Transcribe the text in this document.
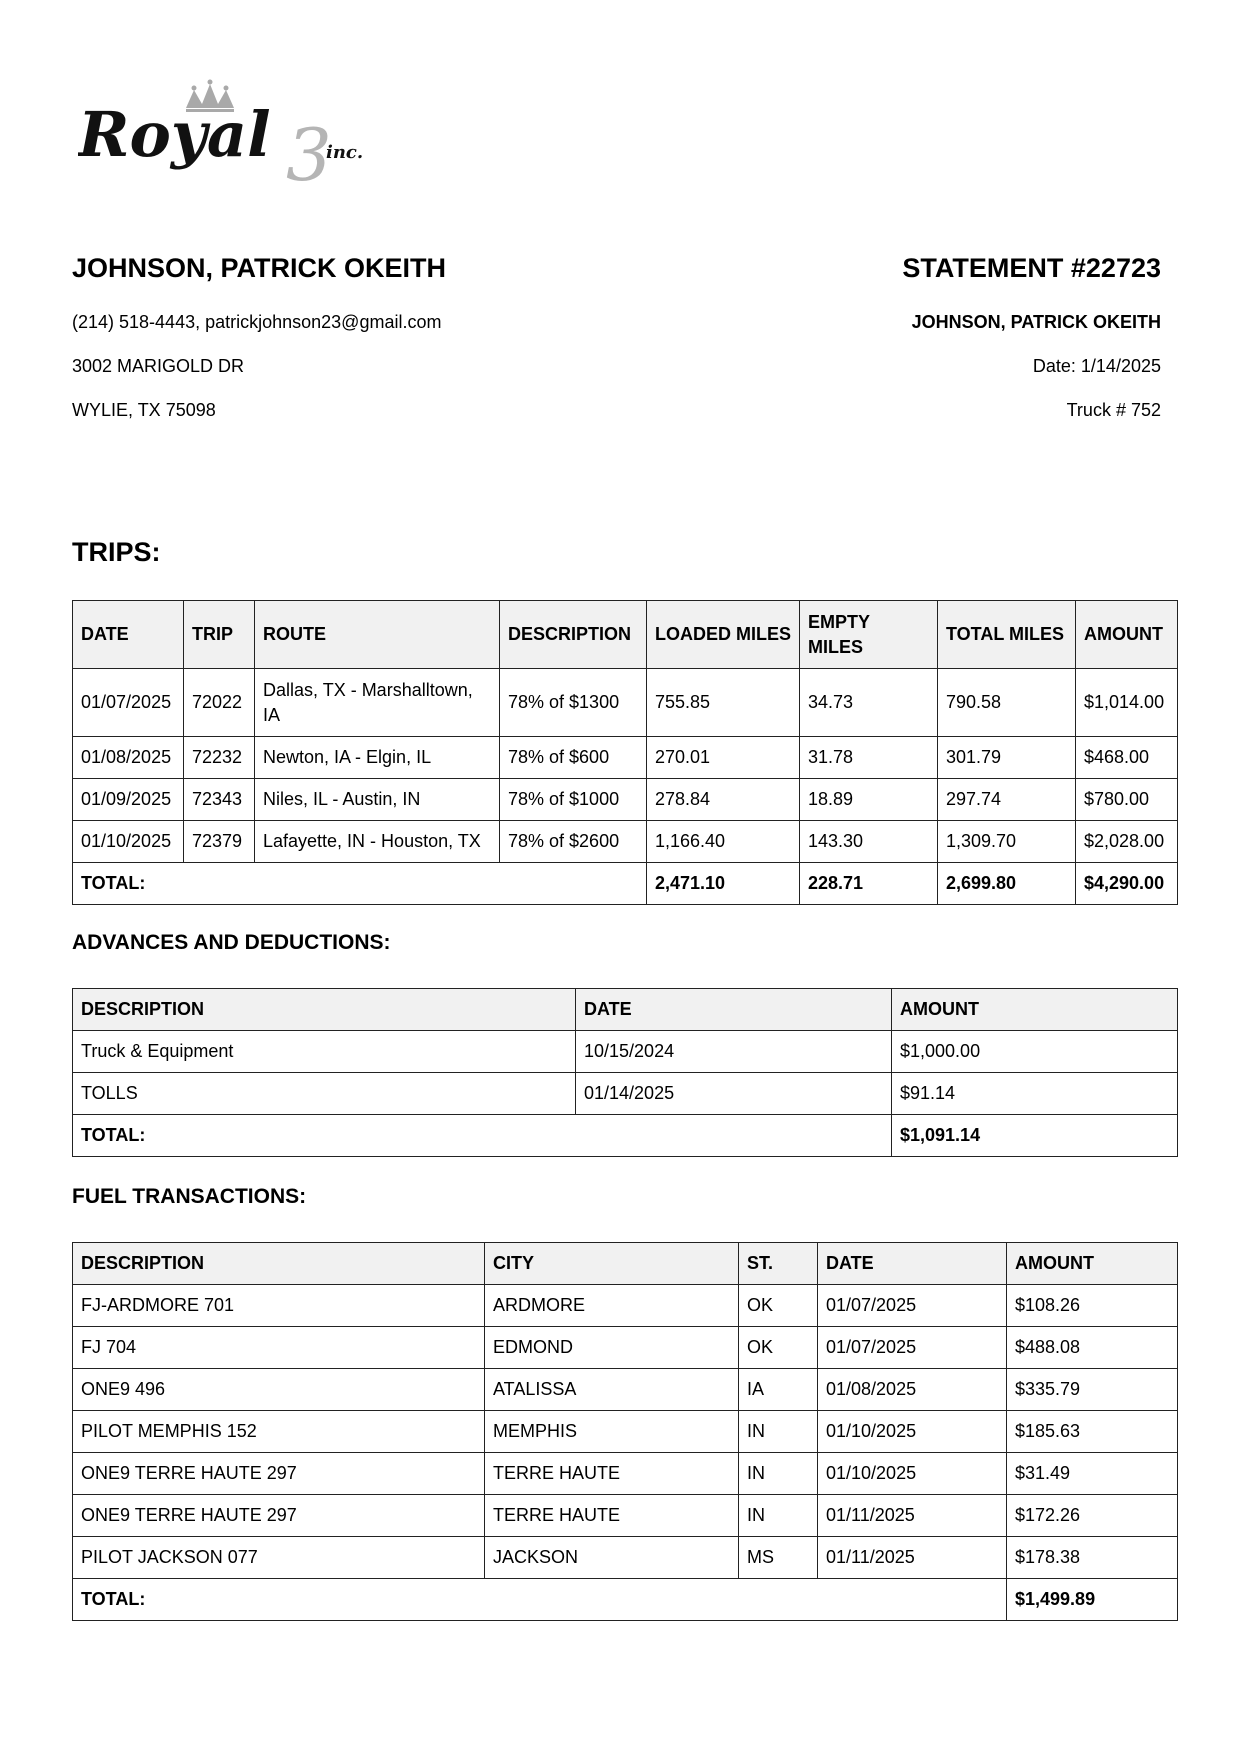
Royal 3
inc.
JOHNSON, PATRICK OKEITH
(214) 518-4443, patrickjohnson23@gmail.com
3002 MARIGOLD DR
WYLIE, TX 75098
STATEMENT #22723
JOHNSON, PATRICK OKEITH
Date: 1/14/2025
Truck # 752
TRIPS:
DATE	TRIP	ROUTE	DESCRIPTION	LOADED MILES	EMPTY MILES	TOTAL MILES	AMOUNT
01/07/2025	72022	Dallas, TX - Marshalltown, IA	78% of $1300	755.85	34.73	790.58	$1,014.00
01/08/2025	72232	Newton, IA - Elgin, IL	78% of $600	270.01	31.78	301.79	$468.00
01/09/2025	72343	Niles, IL - Austin, IN	78% of $1000	278.84	18.89	297.74	$780.00
01/10/2025	72379	Lafayette, IN - Houston, TX	78% of $2600	1,166.40	143.30	1,309.70	$2,028.00
TOTAL:				2,471.10	228.71	2,699.80	$4,290.00
ADVANCES AND DEDUCTIONS:
DESCRIPTION	DATE	AMOUNT
Truck & Equipment	10/15/2024	$1,000.00
TOLLS	01/14/2025	$91.14
TOTAL:		$1,091.14
FUEL TRANSACTIONS:
DESCRIPTION	CITY	ST.	DATE	AMOUNT
FJ-ARDMORE 701	ARDMORE	OK	01/07/2025	$108.26
FJ 704	EDMOND	OK	01/07/2025	$488.08
ONE9 496	ATALISSA	IA	01/08/2025	$335.79
PILOT MEMPHIS 152	MEMPHIS	IN	01/10/2025	$185.63
ONE9 TERRE HAUTE 297	TERRE HAUTE	IN	01/10/2025	$31.49
ONE9 TERRE HAUTE 297	TERRE HAUTE	IN	01/11/2025	$172.26
PILOT JACKSON 077	JACKSON	MS	01/11/2025	$178.38
TOTAL:				$1,499.89
